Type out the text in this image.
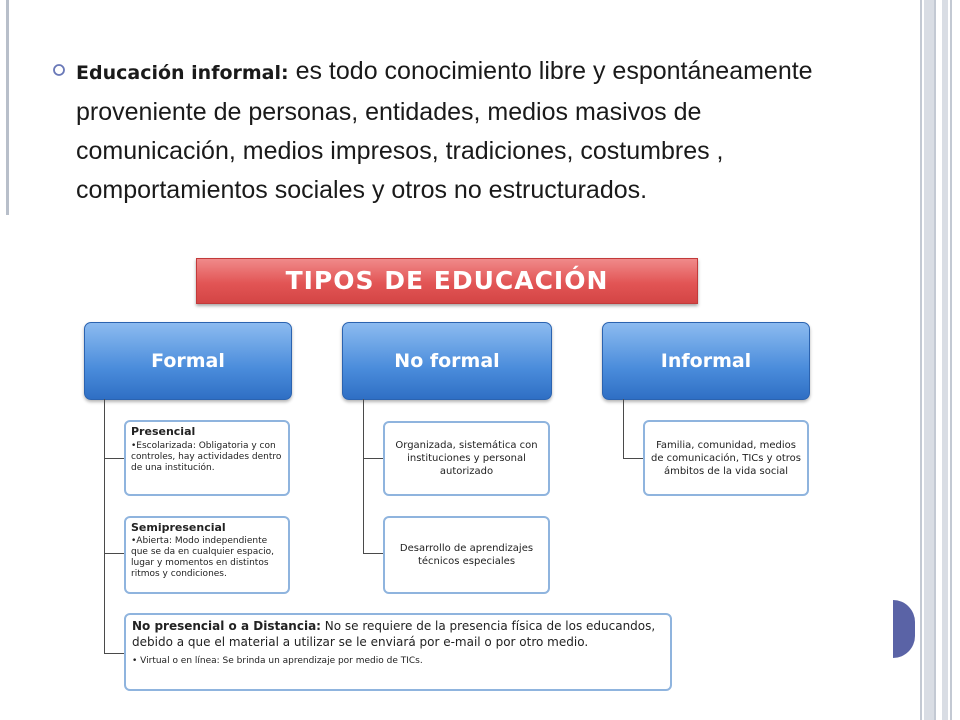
Educación informal: es todo conocimiento libre y espontáneamente proveniente de personas, entidades, medios masivos de comunicación, medios impresos, tradiciones, costumbres , comportamientos sociales y otros no estructurados.
TIPOS DE EDUCACIÓN
Formal	No formal	Informal
Presencial
•Escolarizada: Obligatoria y con controles, hay actividades dentro de una institución.
Semipresencial
•Abierta: Modo independiente que se da en cualquier espacio, lugar y momentos en distintos ritmos y condiciones.
No presencial o a Distancia: No se requiere de la presencia física de los educandos, debido a que el material a utilizar se le enviará por e-mail o por otro medio.
• Virtual o en línea: Se brinda un aprendizaje por medio de TICs.
Organizada, sistemática con instituciones y personal autorizado
Desarrollo de aprendizajes técnicos especiales
Familia, comunidad, medios de comunicación, TICs y otros ámbitos de la vida social
